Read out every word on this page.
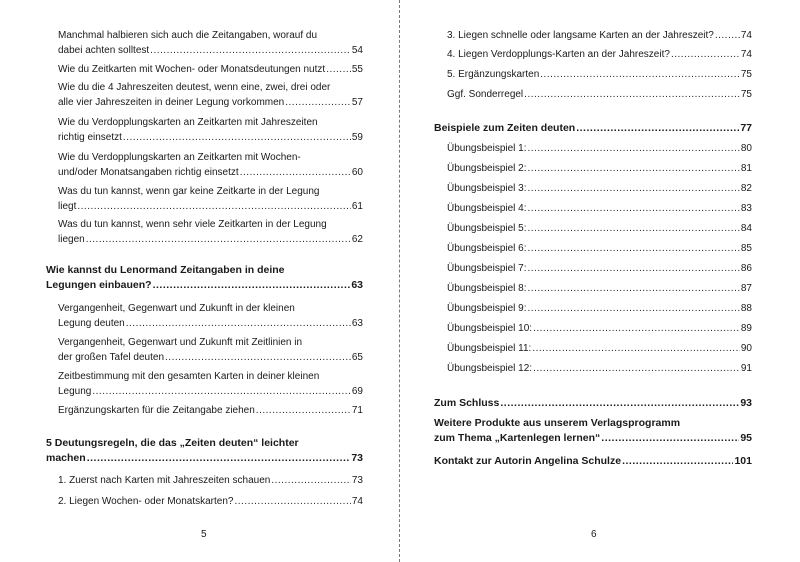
Manchmal halbieren sich auch die Zeitangaben, worauf du
dabei achten solltest .....	54
Wie du Zeitkarten mit Wochen- oder Monatsdeutungen nutzt .....	55
Wie du die 4 Jahreszeiten deutest, wenn eine, zwei, drei oder
alle vier Jahreszeiten in deiner Legung vorkommen .....	57
Wie du Verdopplungskarten an Zeitkarten mit Jahreszeiten
richtig einsetzt .....	59
Wie du Verdopplungskarten an Zeitkarten mit Wochen-
und/oder Monatsangaben richtig einsetzt .....	60
Was du tun kannst, wenn gar keine Zeitkarte in der Legung
liegt .....	61
Was du tun kannst, wenn sehr viele Zeitkarten in der Legung
liegen .....	62
Wie kannst du Lenormand Zeitangaben in deine
Legungen einbauen? .....	63
Vergangenheit, Gegenwart und Zukunft in der kleinen
Legung deuten .....	63
Vergangenheit, Gegenwart und Zukunft mit Zeitlinien in
der großen Tafel deuten .....	65
Zeitbestimmung mit den gesamten Karten in deiner kleinen
Legung .....	69
Ergänzungskarten für die Zeitangabe ziehen .....	71
5 Deutungsregeln, die das „Zeiten deuten“ leichter
machen .....	73
1. Zuerst nach Karten mit Jahreszeiten schauen .....	73
2. Liegen Wochen- oder Monatskarten? .....	74
5
3. Liegen schnelle oder langsame Karten an der Jahreszeit? .....	74
4. Liegen Verdopplungs-Karten an der Jahreszeit? .....	74
5. Ergänzungskarten .....	75
Ggf. Sonderregel .....	75
Beispiele zum Zeiten deuten .....	77
Übungsbeispiel 1: .....	80
Übungsbeispiel 2: .....	81
Übungsbeispiel 3: .....	82
Übungsbeispiel 4: .....	83
Übungsbeispiel 5: .....	84
Übungsbeispiel 6: .....	85
Übungsbeispiel 7: .....	86
Übungsbeispiel 8: .....	87
Übungsbeispiel 9: .....	88
Übungsbeispiel 10: .....	89
Übungsbeispiel 11: .....	90
Übungsbeispiel 12: .....	91
Zum Schluss .....	93
Weitere Produkte aus unserem Verlagsprogramm
zum Thema „Kartenlegen lernen“ .....	95
Kontakt zur Autorin Angelina Schulze .....	101
6
